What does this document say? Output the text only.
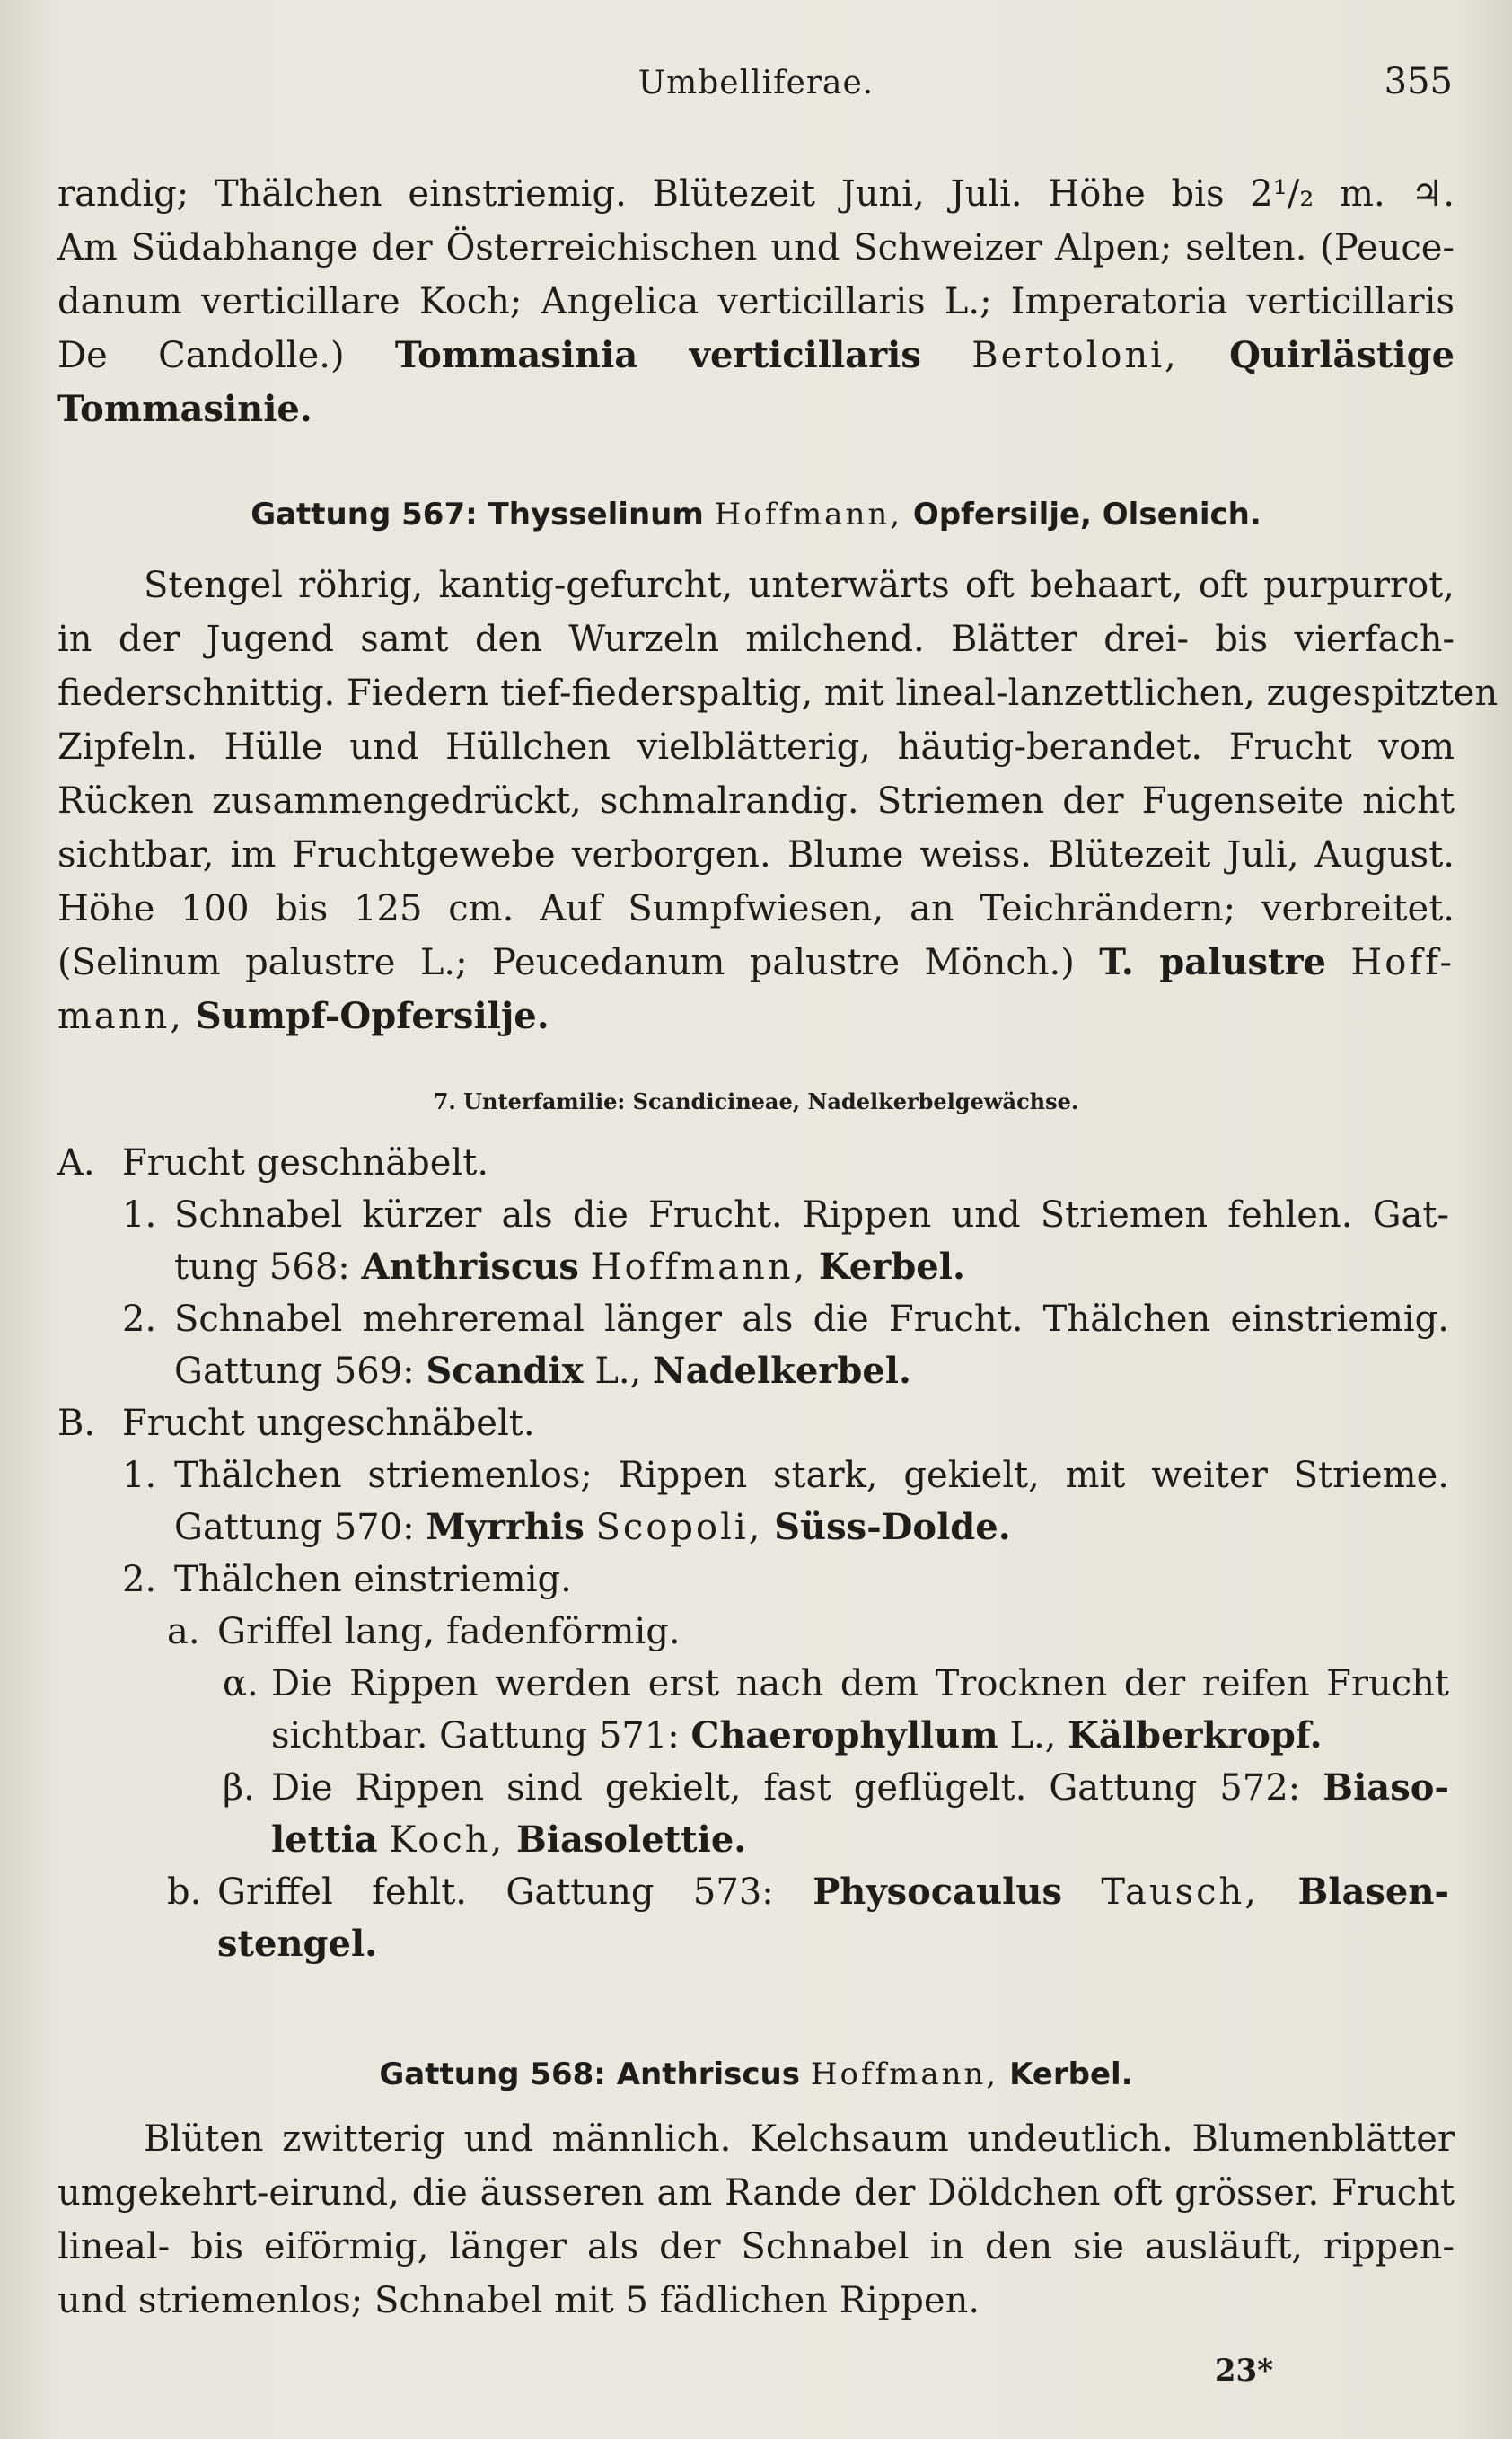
Umbelliferae.	355
randig; Thälchen einstriemig. Blütezeit Juni, Juli. Höhe bis 2¹/₂ m. ♃.
Am Südabhange der Österreichischen und Schweizer Alpen; selten. (Peuce-
danum verticillare Koch; Angelica verticillaris L.; Imperatoria verticillaris
De Candolle.) Tommasinia verticillaris Bertoloni, Quirlästige
Tommasinie.
Gattung 567: Thysselinum Hoffmann, Opfersilje, Olsenich.
Stengel röhrig, kantig-gefurcht, unterwärts oft behaart, oft purpurrot,
in der Jugend samt den Wurzeln milchend. Blätter drei- bis vierfach-
fiederschnittig. Fiedern tief-fiederspaltig, mit lineal-lanzettlichen, zugespitzten
Zipfeln. Hülle und Hüllchen vielblätterig, häutig-berandet. Frucht vom
Rücken zusammengedrückt, schmalrandig. Striemen der Fugenseite nicht
sichtbar, im Fruchtgewebe verborgen. Blume weiss. Blütezeit Juli, August.
Höhe 100 bis 125 cm. Auf Sumpfwiesen, an Teichrändern; verbreitet.
(Selinum palustre L.; Peucedanum palustre Mönch.) T. palustre Hoff-
mann, Sumpf-Opfersilje.
7. Unterfamilie: Scandicineae, Nadelkerbelgewächse.
A. Frucht geschnäbelt.
1. Schnabel kürzer als die Frucht. Rippen und Striemen fehlen. Gat-
tung 568: Anthriscus Hoffmann, Kerbel.
2. Schnabel mehreremal länger als die Frucht. Thälchen einstriemig.
Gattung 569: Scandix L., Nadelkerbel.
B. Frucht ungeschnäbelt.
1. Thälchen striemenlos; Rippen stark, gekielt, mit weiter Strieme.
Gattung 570: Myrrhis Scopoli, Süss-Dolde.
2. Thälchen einstriemig.
a. Griffel lang, fadenförmig.
α. Die Rippen werden erst nach dem Trocknen der reifen Frucht
sichtbar. Gattung 571: Chaerophyllum L., Kälberkropf.
β. Die Rippen sind gekielt, fast geflügelt. Gattung 572: Biaso-
lettia Koch, Biasolettie.
b. Griffel fehlt. Gattung 573: Physocaulus Tausch, Blasen-
stengel.
Gattung 568: Anthriscus Hoffmann, Kerbel.
Blüten zwitterig und männlich. Kelchsaum undeutlich. Blumenblätter
umgekehrt-eirund, die äusseren am Rande der Döldchen oft grösser. Frucht
lineal- bis eiförmig, länger als der Schnabel in den sie ausläuft, rippen-
und striemenlos; Schnabel mit 5 fädlichen Rippen.
23*
